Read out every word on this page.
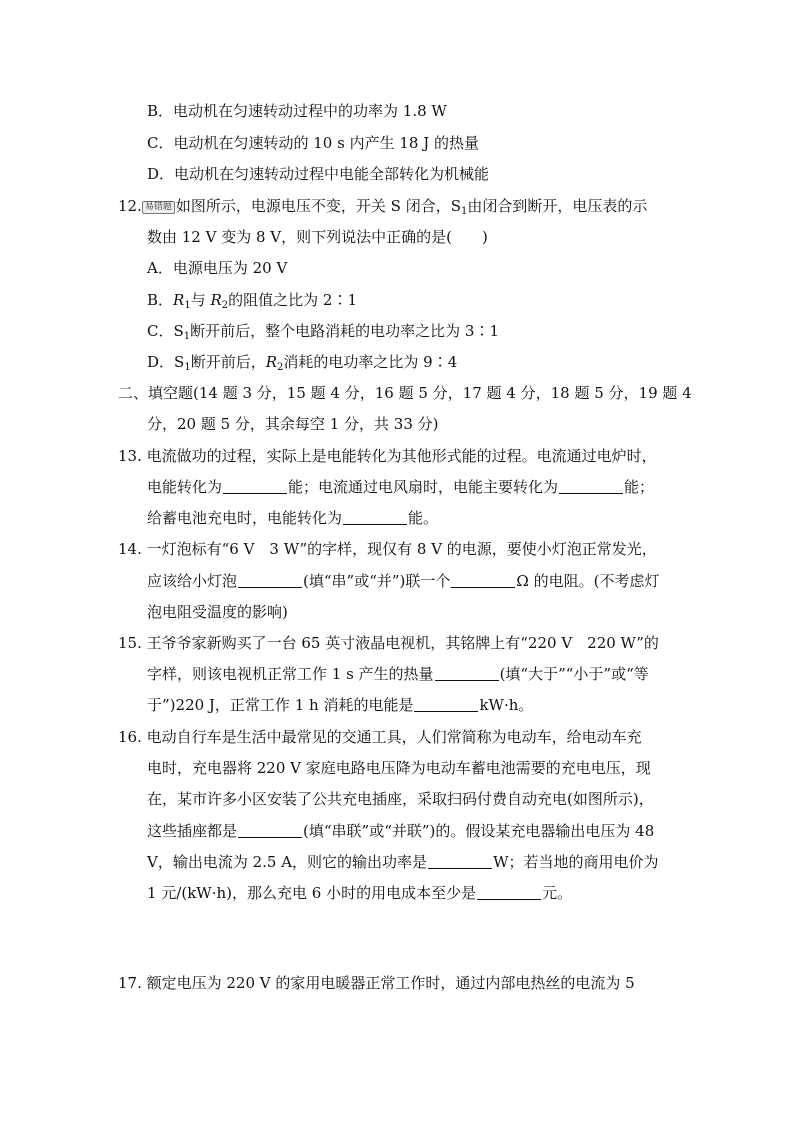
B．电动机在匀速转动过程中的功率为 1.8 W
C．电动机在匀速转动的 10 s 内产生 18 J 的热量
D．电动机在匀速转动过程中电能全部转化为机械能
12. 易错题 如图所示，电源电压不变，开关 S 闭合，$S_1$由闭合到断开，电压表的示
数由 12 V 变为 8 V，则下列说法中正确的是( )
A．电源电压为 20 V
B．$R_1$与 $R_2$的阻值之比为 2∶1
C．$S_1$断开前后，整个电路消耗的电功率之比为 3∶1
D．$S_1$断开前后，$R_2$消耗的电功率之比为 9∶4
二、填空题(14 题 3 分，15 题 4 分，16 题 5 分，17 题 4 分，18 题 5 分，19 题 4
分，20 题 5 分，其余每空 1 分，共 33 分)
13. 电流做功的过程，实际上是电能转化为其他形式能的过程。电流通过电炉时，
电能转化为	能；电流通过电风扇时，电能主要转化为	能；
给蓄电池充电时，电能转化为	能。
14. 一灯泡标有“6 V　3 W”的字样，现仅有 8 V 的电源，要使小灯泡正常发光，
应该给小灯泡	(填“串”或“并”)联一个	Ω 的电阻。(不考虑灯
泡电阻受温度的影响)
15. 王爷爷家新购买了一台 65 英寸液晶电视机，其铭牌上有“220 V　220 W”的
字样，则该电视机正常工作 1 s 产生的热量	(填“大于”“小于”或“等
于”)220 J，正常工作 1 h 消耗的电能是	kW·h。
16. 电动自行车是生活中最常见的交通工具，人们常简称为电动车，给电动车充
电时，充电器将 220 V 家庭电路电压降为电动车蓄电池需要的充电电压，现
在，某市许多小区安装了公共充电插座，采取扫码付费自动充电(如图所示)，
这些插座都是	(填“串联”或“并联”)的。假设某充电器输出电压为 48
V，输出电流为 2.5 A，则它的输出功率是	W；若当地的商用电价为
1 元/(kW·h)，那么充电 6 小时的用电成本至少是	元。
17. 额定电压为 220 V 的家用电暖器正常工作时，通过内部电热丝的电流为 5
